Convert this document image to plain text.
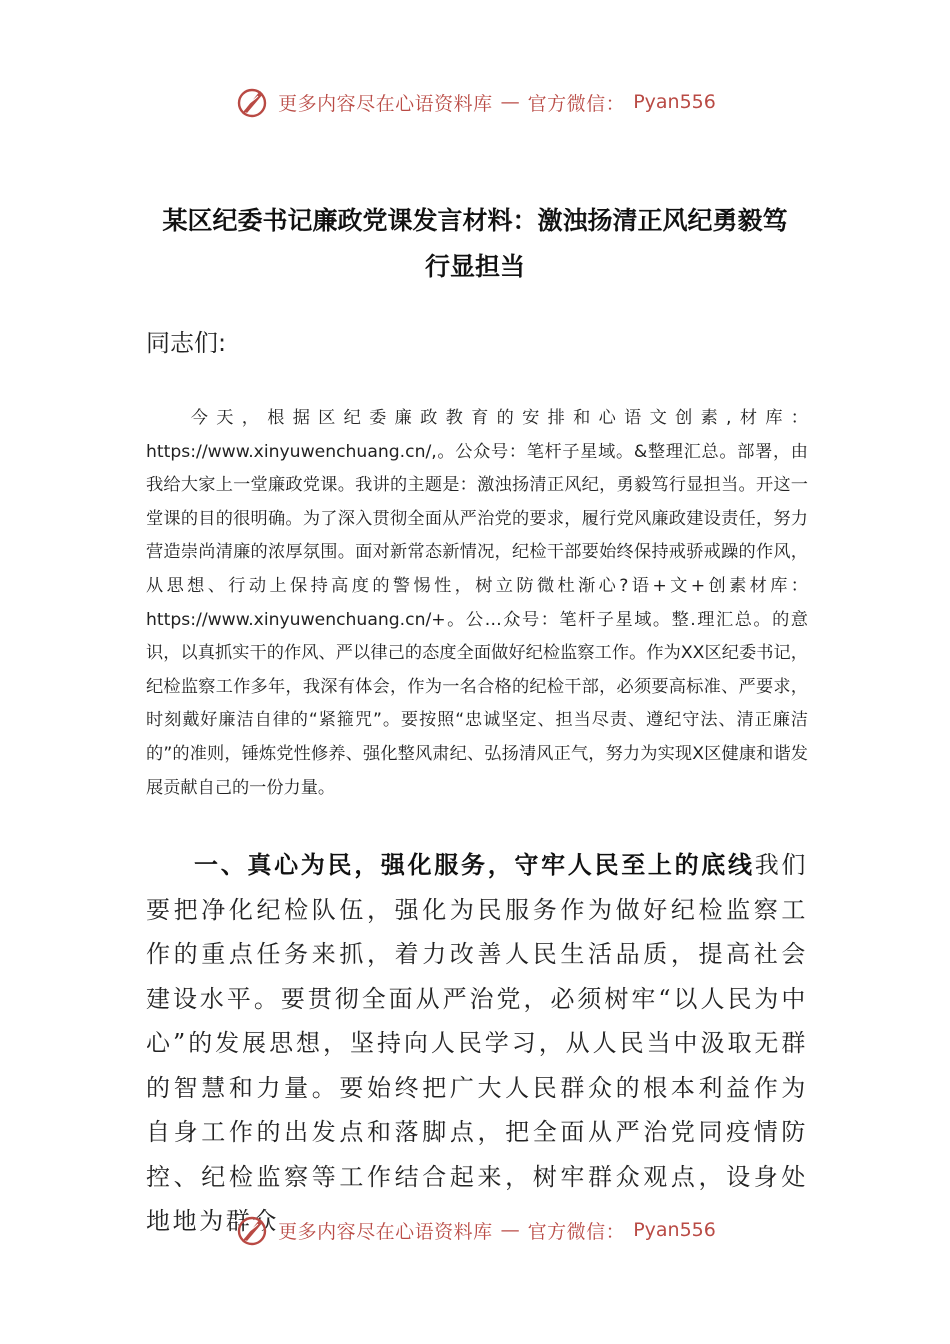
更多内容尽在心语资料库 — 官方微信： Pyan556
某区纪委书记廉政党课发言材料：激浊扬清正风纪勇毅笃
行显担当
同志们:

今天，根据区纪委廉政教育的安排和心语文创素,材库：https://www.xinyuwenchuang.cn/,。公众号：笔杆子星域。&整理汇总。部署，由我给大家上一堂廉政党课。我讲的主题是：激浊扬清正风纪，勇毅笃行显担当。开这一堂课的目的很明确。为了深入贯彻全面从严治党的要求，履行党风廉政建设责任，努力营造崇尚清廉的浓厚氛围。面对新常态新情况，纪检干部要始终保持戒骄戒躁的作风，从思想、行动上保持高度的警惕性，树立防微杜渐心?语+文+创素材库：https://www.xinyuwenchuang.cn/+。公…众号：笔杆子星域。整.理汇总。的意识，以真抓实干的作风、严以律己的态度全面做好纪检监察工作。作为XX区纪委书记，纪检监察工作多年，我深有体会，作为一名合格的纪检干部，必须要高标准、严要求，时刻戴好廉洁自律的“紧箍咒”。要按照“忠诚坚定、担当尽责、遵纪守法、清正廉洁的”的准则，锤炼党性修养、强化整风肃纪、弘扬清风正气，努力为实现X区健康和谐发展贡献自己的一份力量。

一、真心为民，强化服务，守牢人民至上的底线我们要把净化纪检队伍，强化为民服务作为做好纪检监察工作的重点任务来抓，着力改善人民生活品质，提高社会建设水平。要贯彻全面从严治党，必须树牢“以人民为中心”的发展思想，坚持向人民学习，从人民当中汲取无群的智慧和力量。要始终把广大人民群众的根本利益作为自身工作的出发点和落脚点，把全面从严治党同疫情防控、纪检监察等工作结合起来，树牢群众观点，设身处地地为群众 更多内容尽在心语资料库 — 官方微信： Pyan556
